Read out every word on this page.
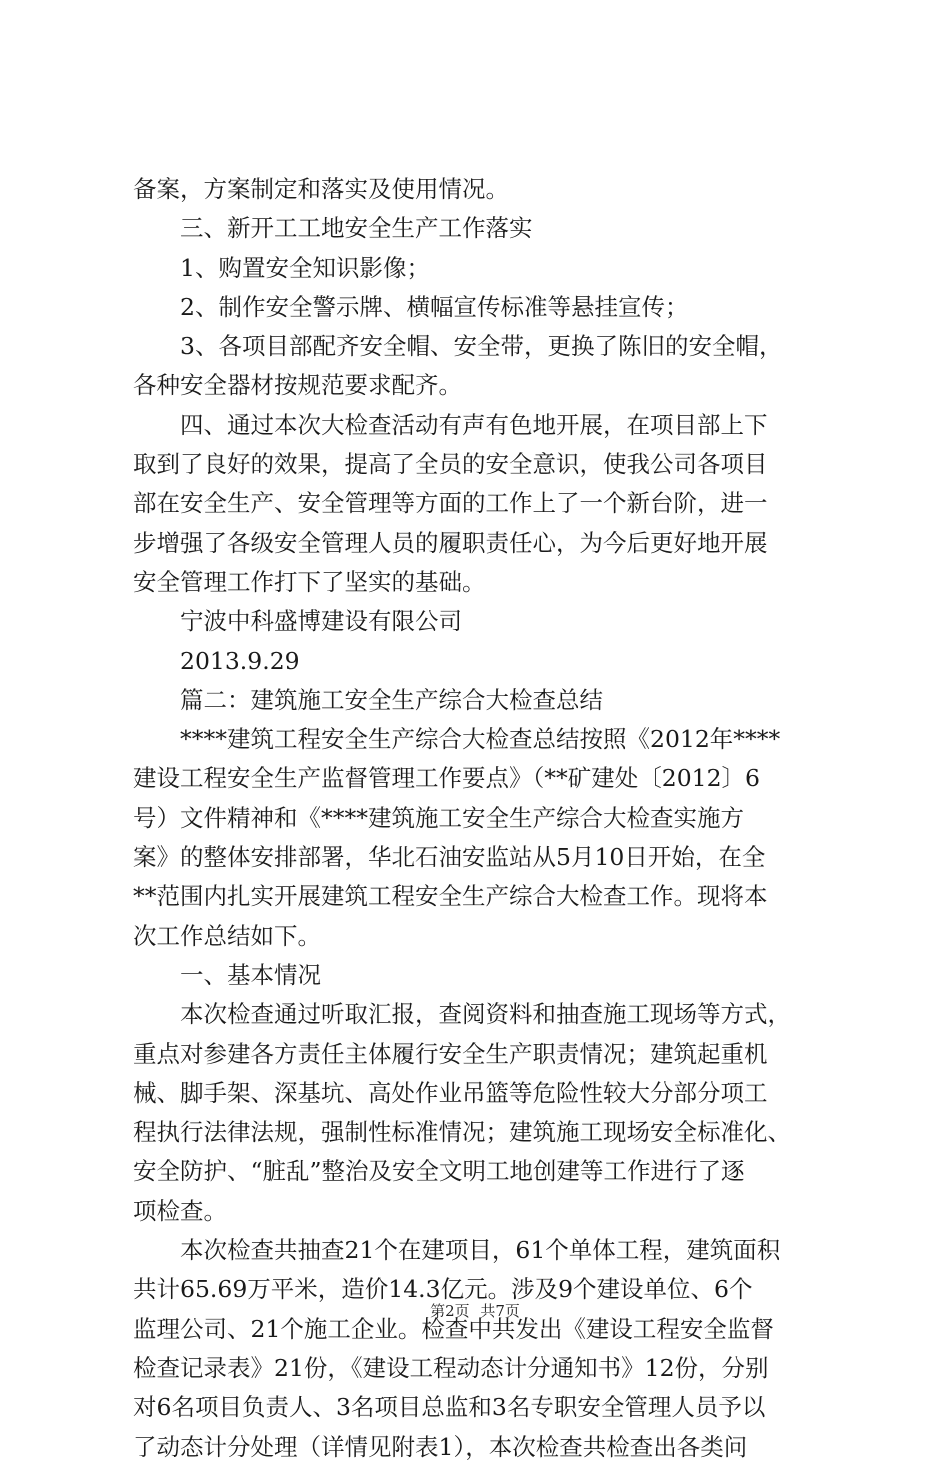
备案，方案制定和落实及使用情况。
　　三、新开工工地安全生产工作落实
　　1、购置安全知识影像；
　　2、制作安全警示牌、横幅宣传标准等悬挂宣传；
　　3、各项目部配齐安全帽、安全带，更换了陈旧的安全帽，
各种安全器材按规范要求配齐。
　　四、通过本次大检查活动有声有色地开展，在项目部上下
取到了良好的效果，提高了全员的安全意识，使我公司各项目
部在安全生产、安全管理等方面的工作上了一个新台阶，进一
步增强了各级安全管理人员的履职责任心，为今后更好地开展
安全管理工作打下了坚实的基础。
　　宁波中科盛博建设有限公司
　　2013.9.29
　　篇二：建筑施工安全生产综合大检查总结
　　****建筑工程安全生产综合大检查总结按照《2012年****
建设工程安全生产监督管理工作要点》（**矿建处〔2012〕6
号）文件精神和《****建筑施工安全生产综合大检查实施方
案》的整体安排部署，华北石油安监站从5月10日开始，在全
**范围内扎实开展建筑工程安全生产综合大检查工作。现将本
次工作总结如下。
　　一、基本情况
　　本次检查通过听取汇报，查阅资料和抽查施工现场等方式，
重点对参建各方责任主体履行安全生产职责情况；建筑起重机
械、脚手架、深基坑、高处作业吊篮等危险性较大分部分项工
程执行法律法规，强制性标准情况；建筑施工现场安全标准化、
安全防护、“脏乱”整治及安全文明工地创建等工作进行了逐
项检查。
　　本次检查共抽查21个在建项目，61个单体工程，建筑面积
共计65.69万平米，造价14.3亿元。涉及9个建设单位、6个
监理公司、21个施工企业。检查中共发出《建设工程安全监督
检查记录表》21份，《建设工程动态计分通知书》12份，分别
对6名项目负责人、3名项目总监和3名专职安全管理人员予以
了动态计分处理（详情见附表1），本次检查共检查出各类问
第2页 共7页
